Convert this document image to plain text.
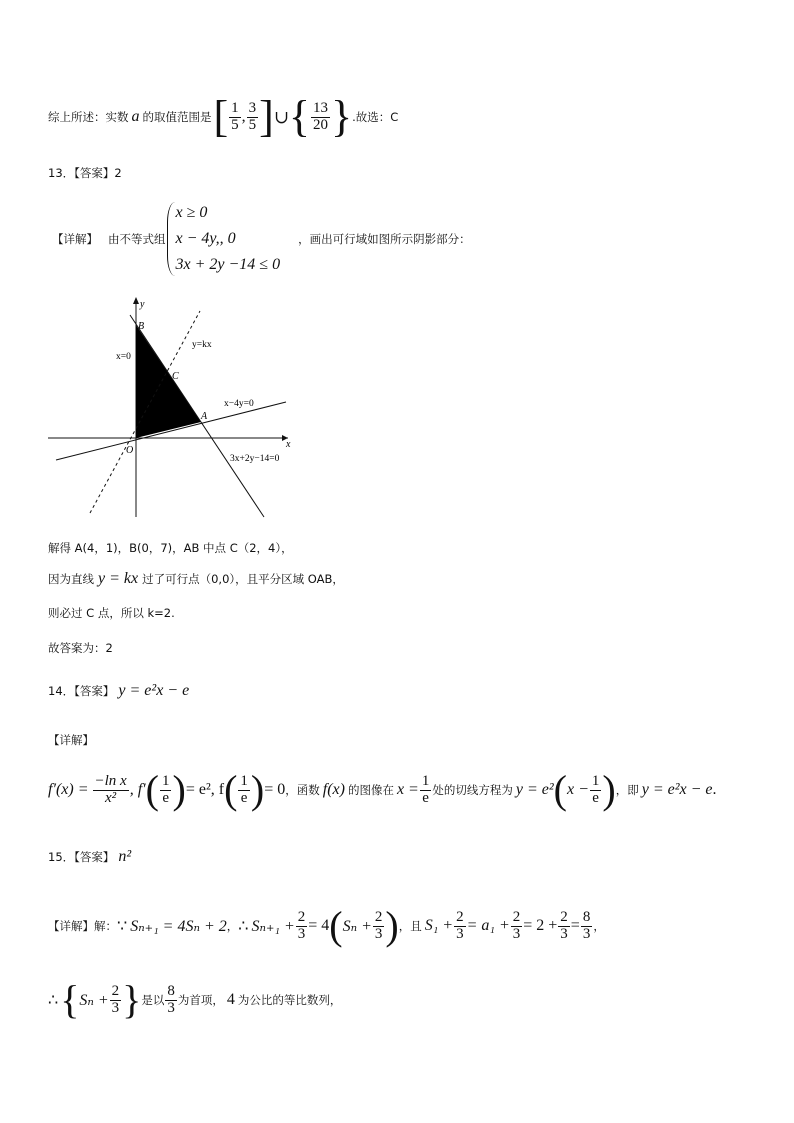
综上所述：实数 a 的取值范围是 [ $\frac{1}{5}$ , $\frac{3}{5}$ ] ∪ { $\frac{13}{20}$ } .故选：C
13．【答案】2
【详解】 由不等式组
x ≥ 0
x − 4y,, 0
3x + 2y −14 ≤ 0
，画出可行域如图所示阴影部分：
y
x
B
C
A
O
x=0
y=kx
x−4y=0
3x+2y−14=0
解得 A(4，1)，B(0，7)，AB 中点 C（2，4），
因为直线 y = kx 过了可行点（0,0），且平分区域 OAB，
则必过 C 点，所以 k=2.
故答案为：2
14．【答案】 y = e²x − e
【详解】
$f'(x) = \frac{\text{−ln x}}{\text{x²}}$ , f′ ( $\frac{1}{e}$ ) = e², f ( $\frac{1}{e}$ ) = 0 ，函数 f(x) 的图像在 $x = \frac{1}{e}$ 处的切线方程为 y = e² ( $x - \frac{1}{e}$ ) ，即 y = e²x − e .
15．【答案】 n²
【详解】解： ∵ Sₙ₊₁ = 4Sₙ + 2 ， ∴ $S_{n+1} + \frac{2}{3} = 4$ ( $S_n + \frac{2}{3}$ ) ，且 $S_1 + \frac{2}{3} = a_1 + \frac{2}{3} = 2 + \frac{2}{3} = \frac{8}{3}$ ，
∴ { $S_n + \frac{2}{3}$ } 是以 $\frac{8}{3}$ 为首项， 4 为公比的等比数列，
